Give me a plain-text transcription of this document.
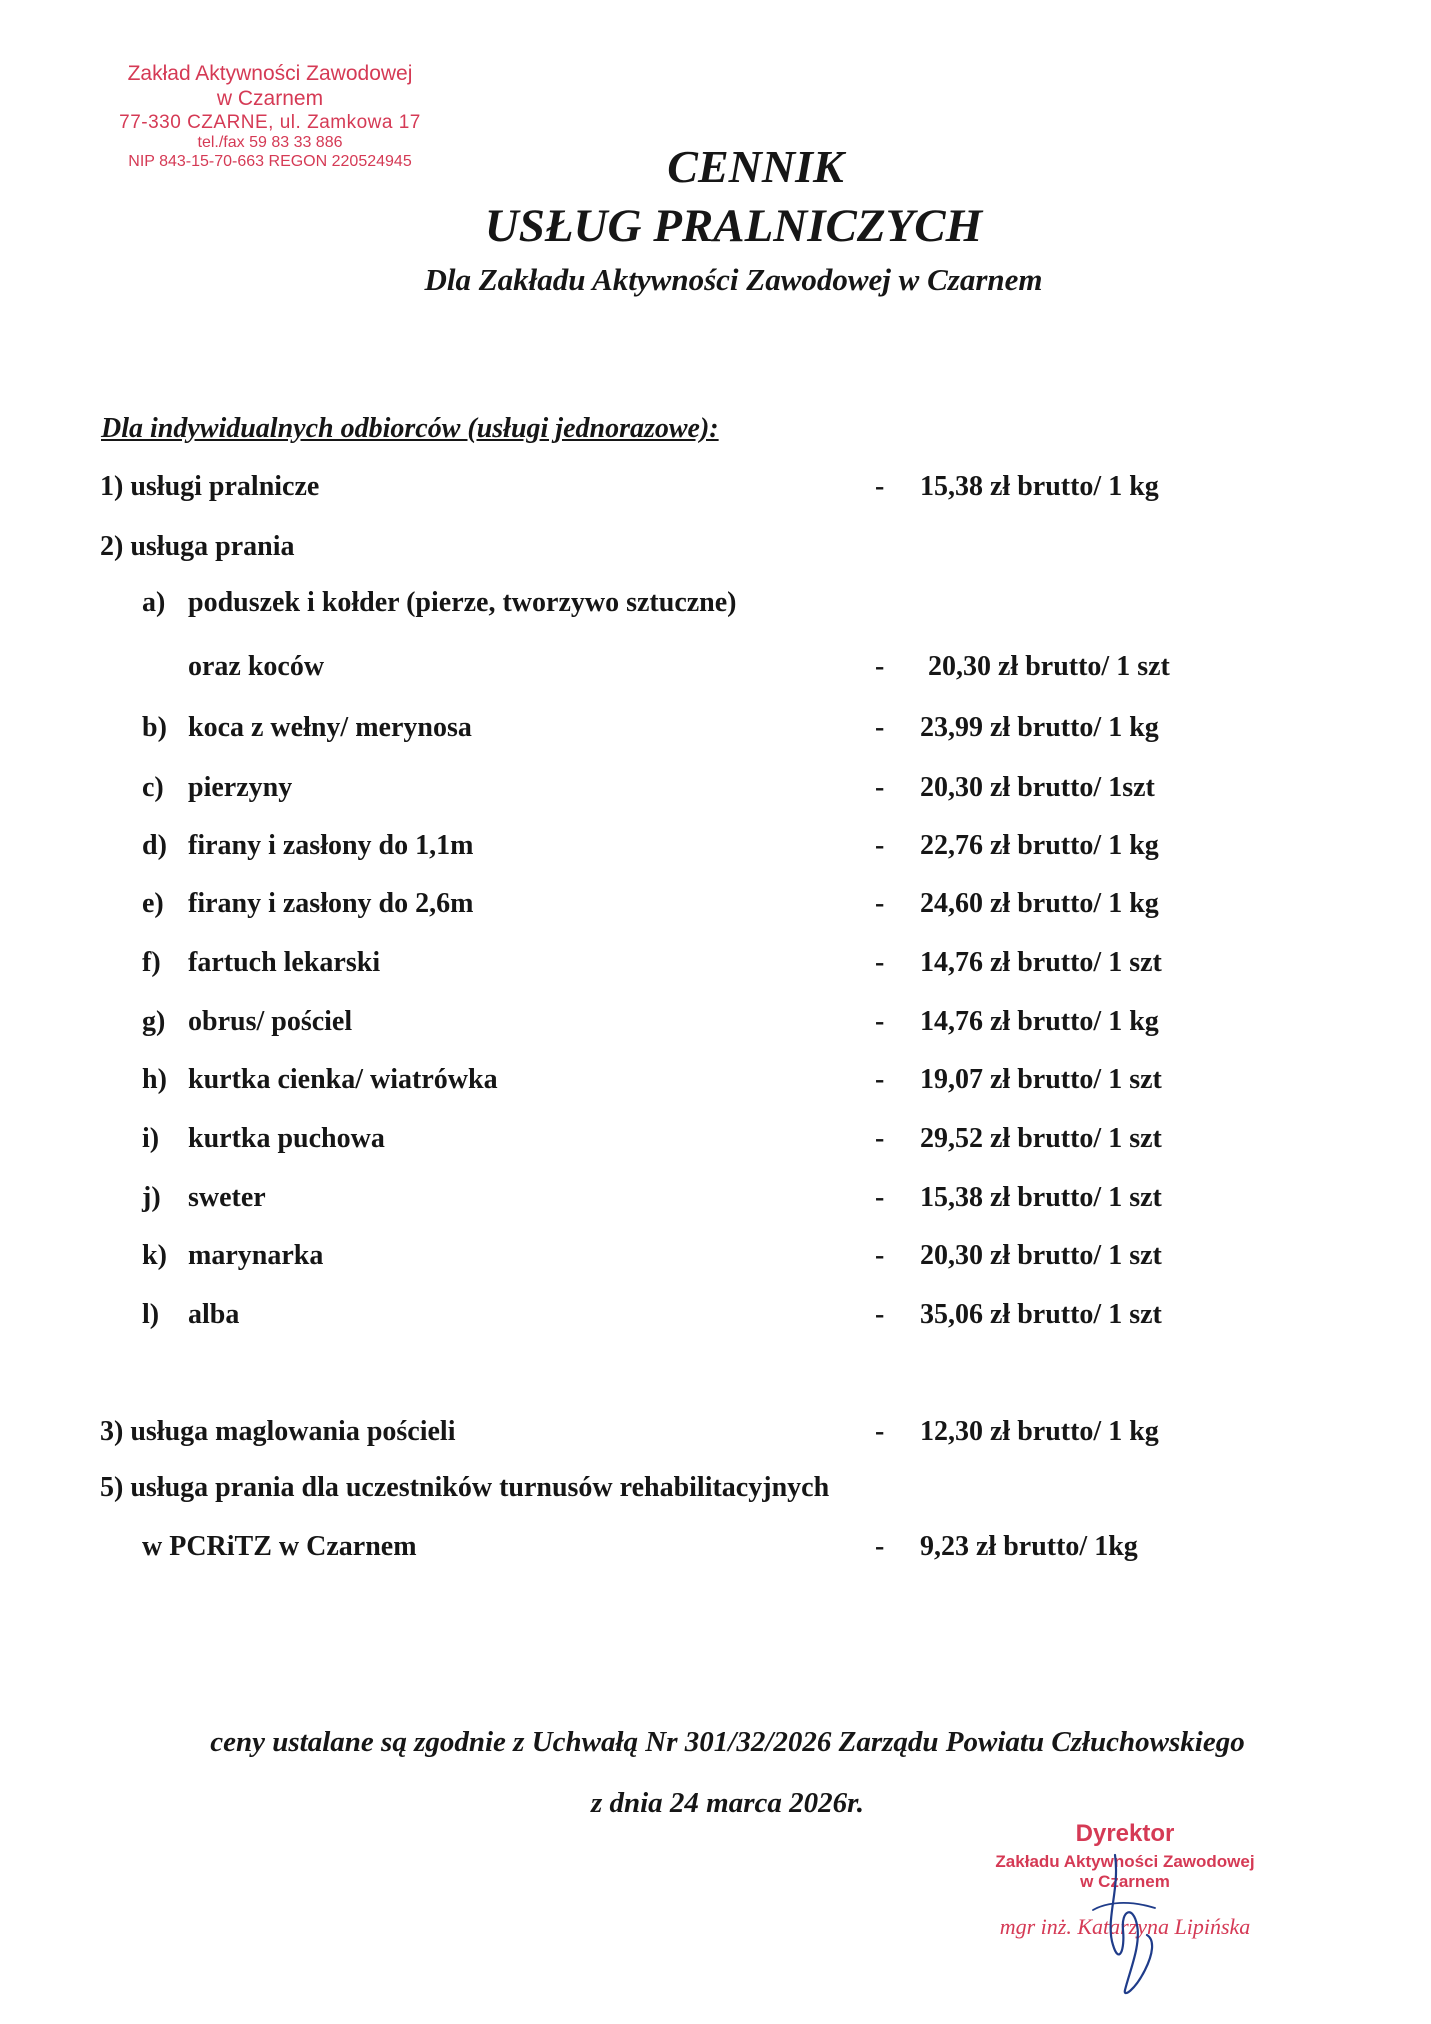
Zakład Aktywności Zawodowej
w Czarnem
77-330 CZARNE, ul. Zamkowa 17
tel./fax 59 83 33 886
NIP 843-15-70-663 REGON 220524945	CENNIK
USŁUG PRALNICZYCH
Dla Zakładu Aktywności Zawodowej w Czarnem
Dla indywidualnych odbiorców (usługi jednorazowe):
1) usługi pralnicze	- 15,38 zł brutto/ 1 kg
2) usługa prania
a) poduszek i kołder (pierze, tworzywo sztuczne)
oraz koców	- 20,30 zł brutto/ 1 szt
b) koca z wełny/ merynosa	- 23,99 zł brutto/ 1 kg
c) pierzyny	- 20,30 zł brutto/ 1szt
d) firany i zasłony do 1,1m	- 22,76 zł brutto/ 1 kg
e) firany i zasłony do 2,6m	- 24,60 zł brutto/ 1 kg
f) fartuch lekarski	- 14,76 zł brutto/ 1 szt
g) obrus/ pościel	- 14,76 zł brutto/ 1 kg
h) kurtka cienka/ wiatrówka	- 19,07 zł brutto/ 1 szt
i) kurtka puchowa	- 29,52 zł brutto/ 1 szt
j) sweter	- 15,38 zł brutto/ 1 szt
k) marynarka	- 20,30 zł brutto/ 1 szt
l) alba	- 35,06 zł brutto/ 1 szt
3) usługa maglowania pościeli	- 12,30 zł brutto/ 1 kg
5) usługa prania dla uczestników turnusów rehabilitacyjnych
w PCRiTZ w Czarnem	- 9,23 zł brutto/ 1kg
ceny ustalane są zgodnie z Uchwałą Nr 301/32/2026 Zarządu Powiatu Człuchowskiego
z dnia 24 marca 2026r.
Dyrektor
Zakładu Aktywności Zawodowej
w Czarnem
mgr inż. Katarzyna Lipińska
